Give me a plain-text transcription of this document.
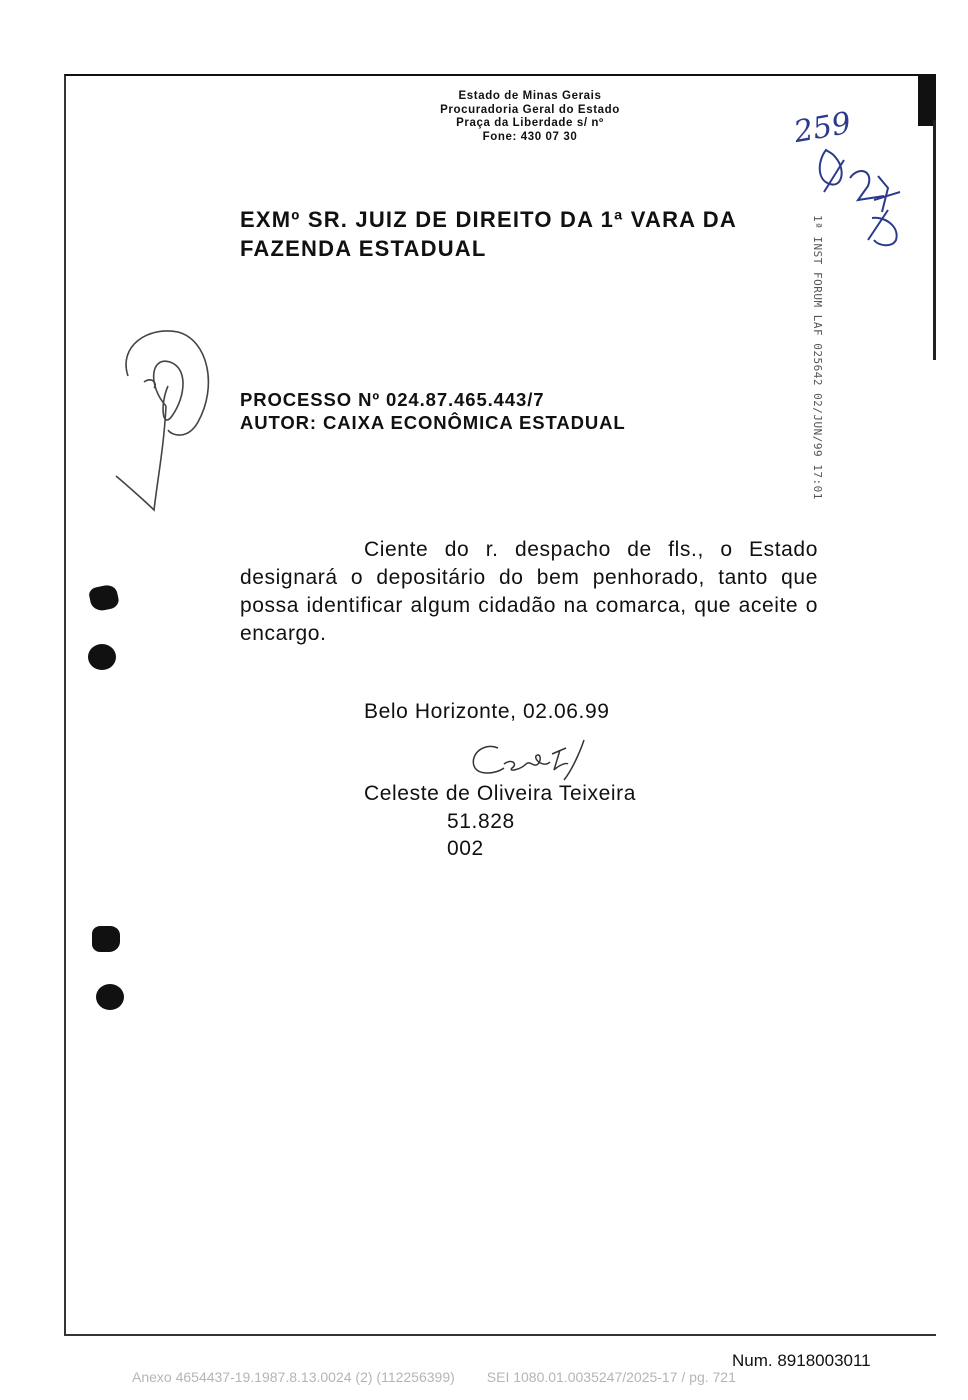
Estado de Minas Gerais
Procuradoria Geral do Estado
Praça da Liberdade s/ nº
Fone: 430 07 30
EXMº SR. JUIZ DE DIREITO DA 1ª VARA DA
FAZENDA ESTADUAL
PROCESSO Nº 024.87.465.443/7
AUTOR: CAIXA ECONÔMICA ESTADUAL
Ciente do r. despacho de fls., o Estado designará o depositário do bem penhorado, tanto que possa identificar algum cidadão na comarca, que aceite o encargo.
Belo Horizonte, 02.06.99
Celeste de Oliveira Teixeira
51.828
002
1ª INST FORUM LAF 025642 02/JUN/99 17:01
259
Num. 8918003011
Anexo 4654437-19.1987.8.13.0024 (2) (112256399) SEI 1080.01.0035247/2025-17 / pg. 721
